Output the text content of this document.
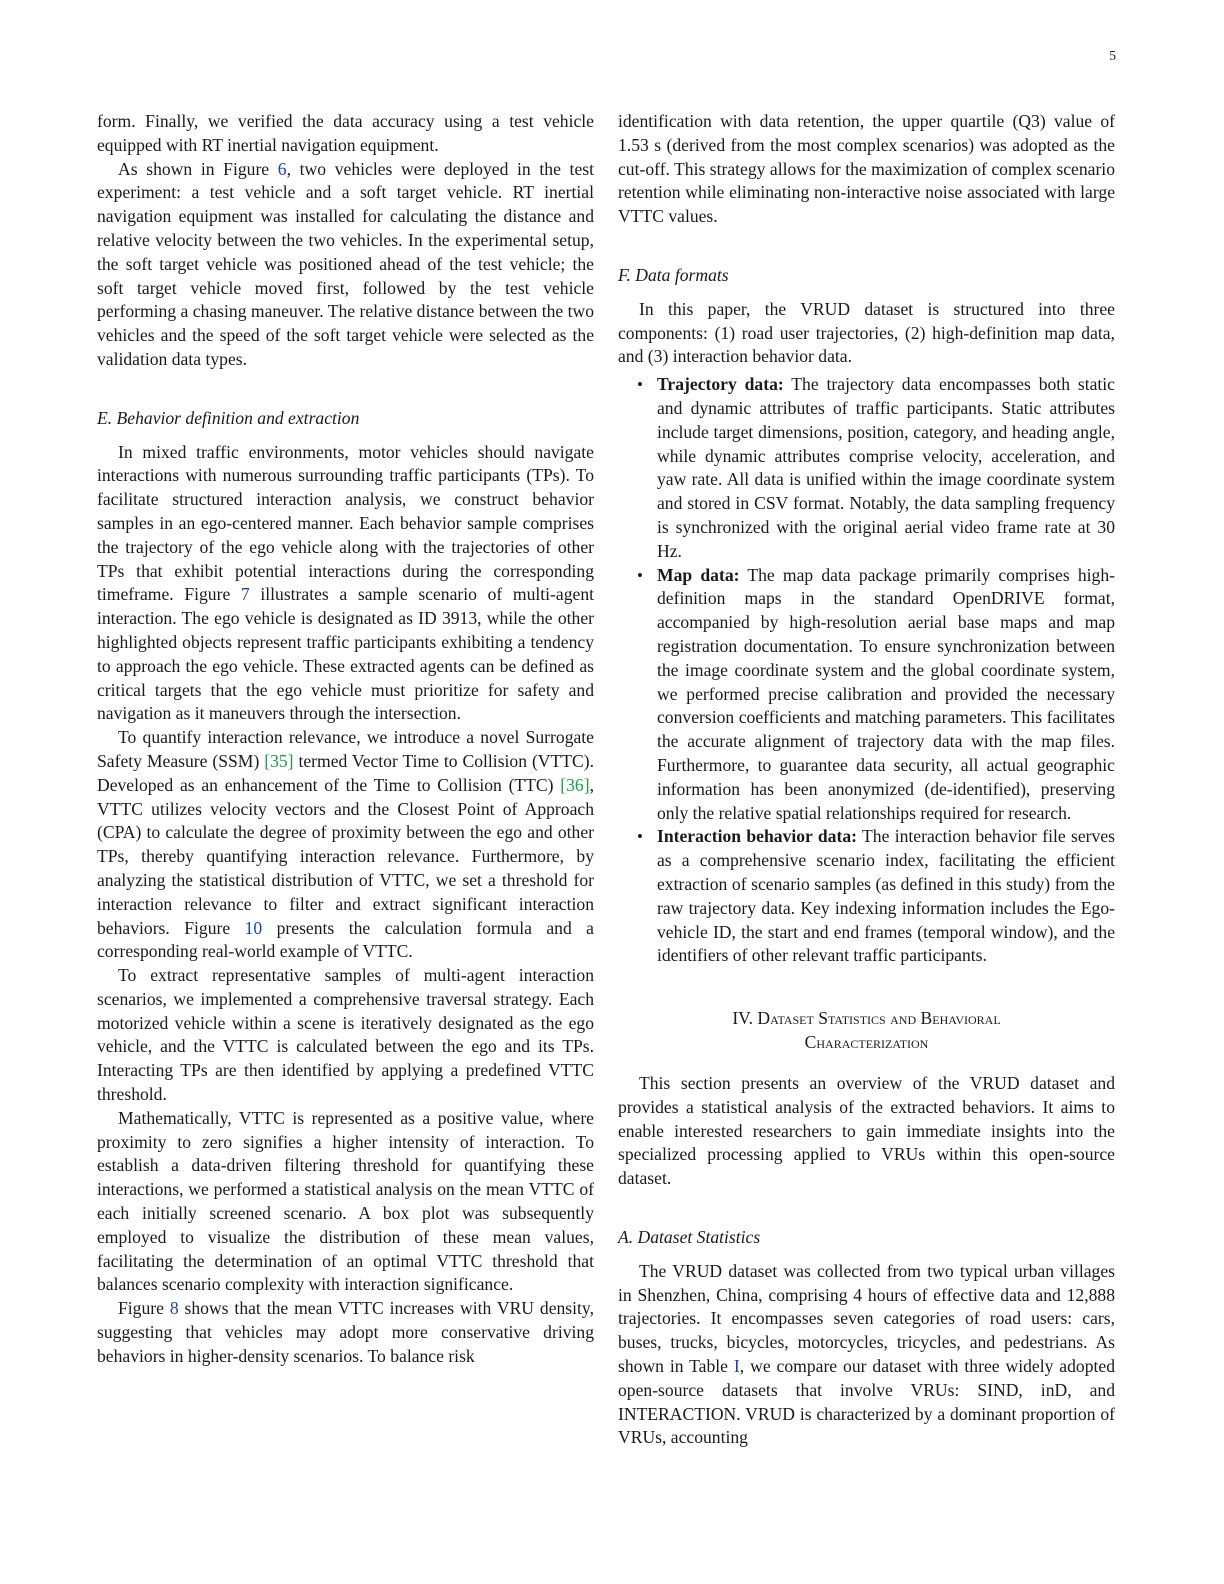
5

form. Finally, we verified the data accuracy using a test vehicle equipped with RT inertial navigation equipment.

As shown in Figure 6, two vehicles were deployed in the test experiment: a test vehicle and a soft target vehicle. RT inertial navigation equipment was installed for calculating the distance and relative velocity between the two vehicles. In the experimental setup, the soft target vehicle was positioned ahead of the test vehicle; the soft target vehicle moved first, followed by the test vehicle performing a chasing maneuver. The relative distance between the two vehicles and the speed of the soft target vehicle were selected as the validation data types.

E. Behavior definition and extraction

In mixed traffic environments, motor vehicles should navigate interactions with numerous surrounding traffic participants (TPs). To facilitate structured interaction analysis, we construct behavior samples in an ego-centered manner. Each behavior sample comprises the trajectory of the ego vehicle along with the trajectories of other TPs that exhibit potential interactions during the corresponding timeframe. Figure 7 illustrates a sample scenario of multi-agent interaction. The ego vehicle is designated as ID 3913, while the other highlighted objects represent traffic participants exhibiting a tendency to approach the ego vehicle. These extracted agents can be defined as critical targets that the ego vehicle must prioritize for safety and navigation as it maneuvers through the intersection.

To quantify interaction relevance, we introduce a novel Surrogate Safety Measure (SSM) [35] termed Vector Time to Collision (VTTC). Developed as an enhancement of the Time to Collision (TTC) [36], VTTC utilizes velocity vectors and the Closest Point of Approach (CPA) to calculate the degree of proximity between the ego and other TPs, thereby quantifying interaction relevance. Furthermore, by analyzing the statistical distribution of VTTC, we set a threshold for interaction relevance to filter and extract significant interaction behaviors. Figure 10 presents the calculation formula and a corresponding real-world example of VTTC.

To extract representative samples of multi-agent interaction scenarios, we implemented a comprehensive traversal strategy. Each motorized vehicle within a scene is iteratively designated as the ego vehicle, and the VTTC is calculated between the ego and its TPs. Interacting TPs are then identified by applying a predefined VTTC threshold.

Mathematically, VTTC is represented as a positive value, where proximity to zero signifies a higher intensity of interaction. To establish a data-driven filtering threshold for quantifying these interactions, we performed a statistical analysis on the mean VTTC of each initially screened scenario. A box plot was subsequently employed to visualize the distribution of these mean values, facilitating the determination of an optimal VTTC threshold that balances scenario complexity with interaction significance.

Figure 8 shows that the mean VTTC increases with VRU density, suggesting that vehicles may adopt more conservative driving behaviors in higher-density scenarios. To balance risk

identification with data retention, the upper quartile (Q3) value of 1.53 s (derived from the most complex scenarios) was adopted as the cut-off. This strategy allows for the maximization of complex scenario retention while eliminating non-interactive noise associated with large VTTC values.

F. Data formats

In this paper, the VRUD dataset is structured into three components: (1) road user trajectories, (2) high-definition map data, and (3) interaction behavior data.

• Trajectory data: The trajectory data encompasses both static and dynamic attributes of traffic participants. Static attributes include target dimensions, position, category, and heading angle, while dynamic attributes comprise velocity, acceleration, and yaw rate. All data is unified within the image coordinate system and stored in CSV format. Notably, the data sampling frequency is synchronized with the original aerial video frame rate at 30 Hz.
• Map data: The map data package primarily comprises high-definition maps in the standard OpenDRIVE format, accompanied by high-resolution aerial base maps and map registration documentation. To ensure synchronization between the image coordinate system and the global coordinate system, we performed precise calibration and provided the necessary conversion coefficients and matching parameters. This facilitates the accurate alignment of trajectory data with the map files. Furthermore, to guarantee data security, all actual geographic information has been anonymized (de-identified), preserving only the relative spatial relationships required for research.
• Interaction behavior data: The interaction behavior file serves as a comprehensive scenario index, facilitating the efficient extraction of scenario samples (as defined in this study) from the raw trajectory data. Key indexing information includes the Ego-vehicle ID, the start and end frames (temporal window), and the identifiers of other relevant traffic participants.
IV. Dataset Statistics and Behavioral
Characterization

This section presents an overview of the VRUD dataset and provides a statistical analysis of the extracted behaviors. It aims to enable interested researchers to gain immediate insights into the specialized processing applied to VRUs within this open-source dataset.

A. Dataset Statistics

The VRUD dataset was collected from two typical urban villages in Shenzhen, China, comprising 4 hours of effective data and 12,888 trajectories. It encompasses seven categories of road users: cars, buses, trucks, bicycles, motorcycles, tricycles, and pedestrians. As shown in Table I, we compare our dataset with three widely adopted open-source datasets that involve VRUs: SIND, inD, and INTERACTION. VRUD is characterized by a dominant proportion of VRUs, accounting
